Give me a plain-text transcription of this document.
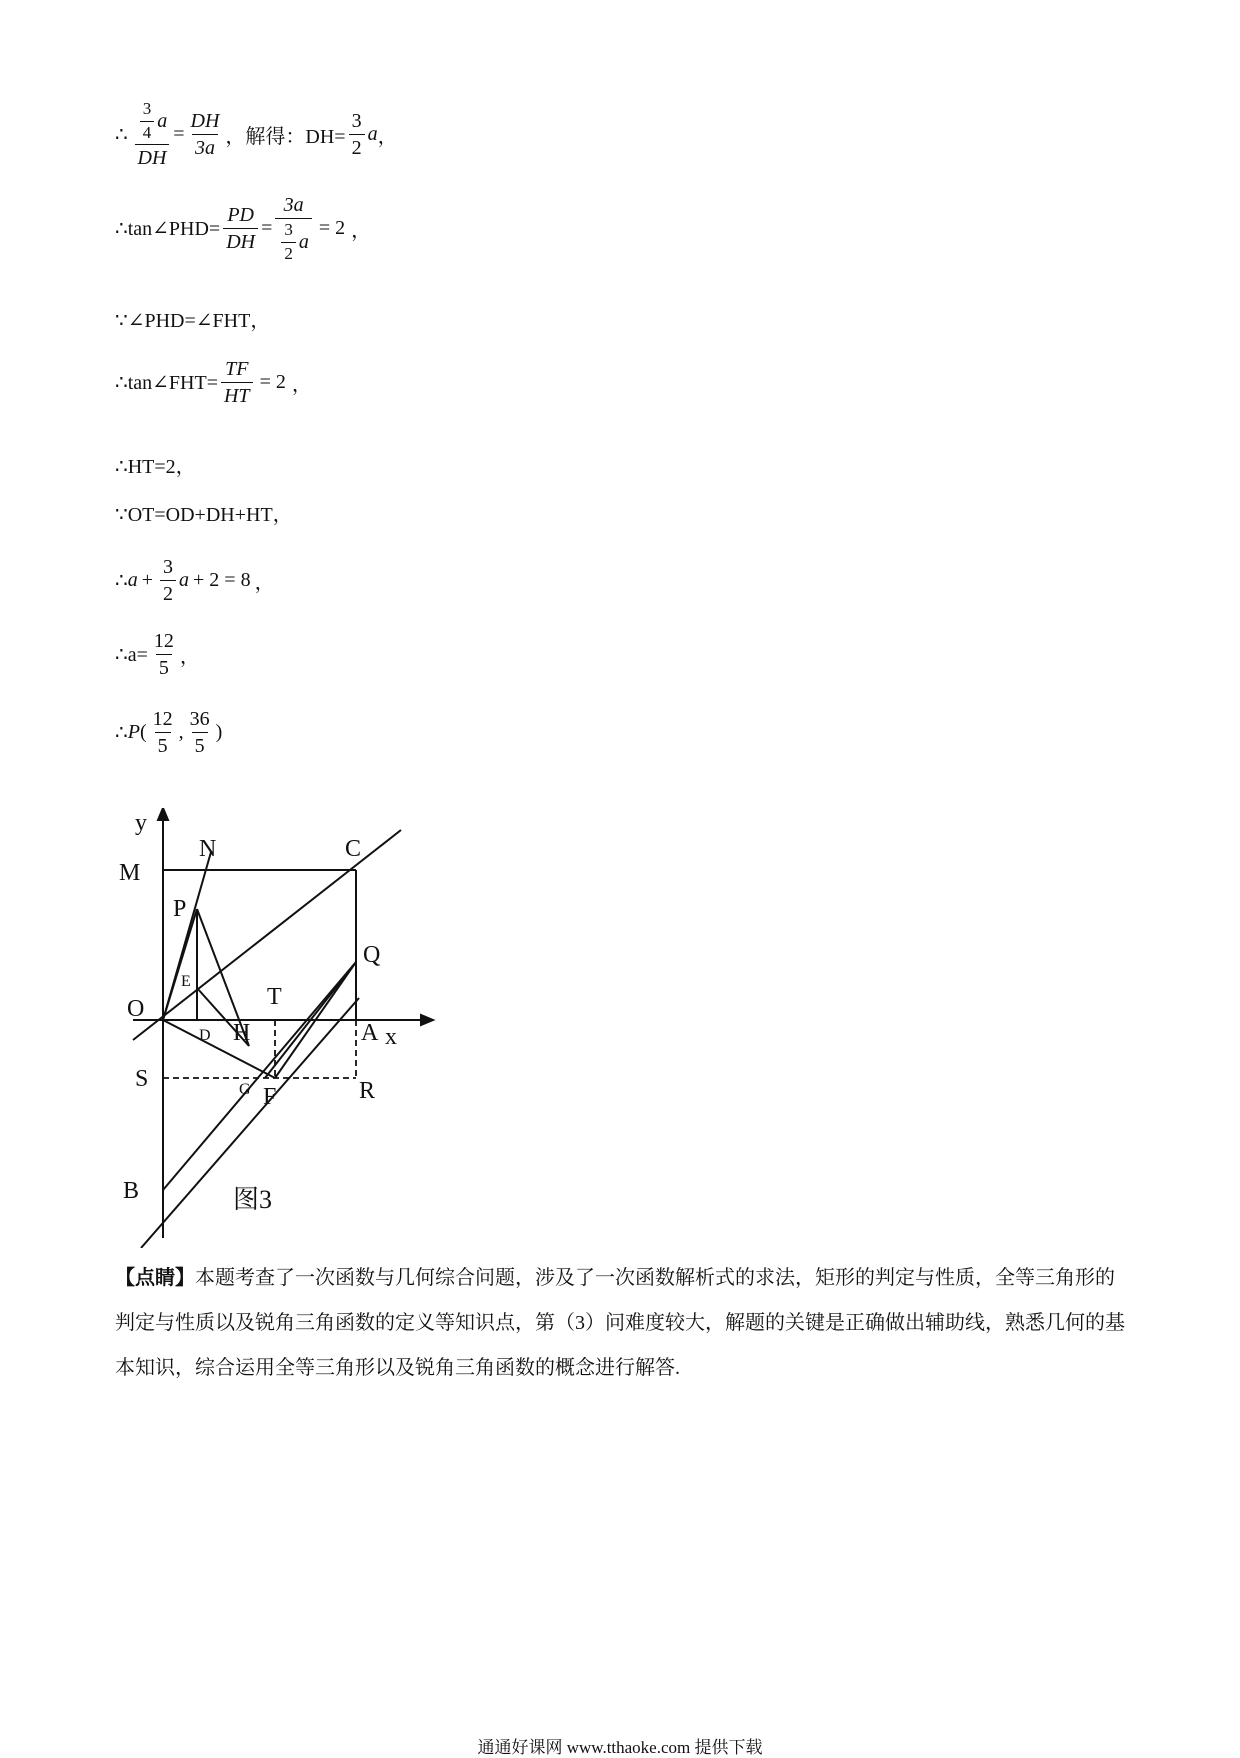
∴ $\frac{\frac{3}{4} a}{DH} = \frac{DH}{3a}$ ，解得：$DH= \frac{3}{2}$ a ，
∴tan∠PHD= $\frac{PD}{DH} = \frac{3a}{\frac{3}{2} a} = 2$ ，
∵∠PHD=∠FHT，
∴tan∠FHT= $\frac{TF}{HT} = 2$ ，
∴HT=2，
∵OT=OD+DH+HT，
∴ $a + \frac{3}{2}$ a + 2 = 8 ，
∴a= $\frac{12}{5}$ ，
∴ P ( $\frac{12}{5}$ , $\frac{36}{5}$ )
y
x
M
N	C
P
Q
O	T
H	A
S
F	R
B
E
D
G
图3
【点睛】本题考查了一次函数与几何综合问题，涉及了一次函数解析式的求法，矩形的判定与性质，全等三角形的判定与性质以及锐角三角函数的定义等知识点，第（3）问难度较大，解题的关键是正确做出辅助线，熟悉几何的基本知识，综合运用全等三角形以及锐角三角函数的概念进行解答.
通通好课网 www.tthaoke.com 提供下载
